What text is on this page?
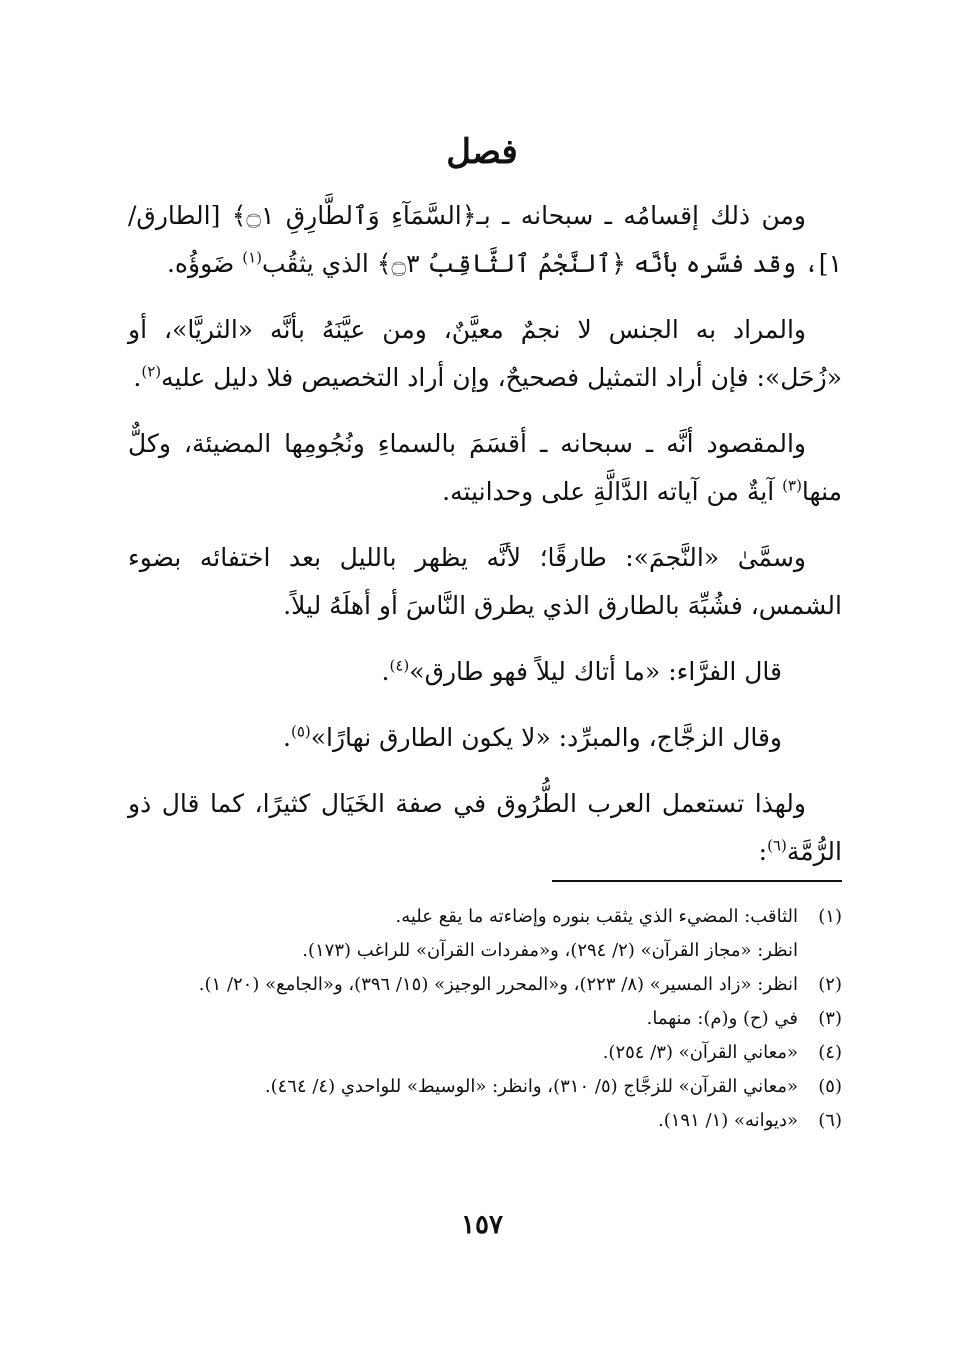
فصل

ومن ذلك إقسامُه ـ سبحانه ـ بـ﴿السَّمَآءِ وَٱلطَّارِقِ ۝١﴾ [الطارق/ ١]، وقد فسَّره بأنَّه ﴿ٱلنَّجْمُ ٱلثَّاقِبُ ۝٣﴾ الذي يثقُب$^{(١)}$ ضَوؤُه.

والمراد به الجنس لا نجمٌ معيَّنٌ، ومن عيَّنَهُ بأنَّه «الثريَّا»، أو «زُحَل»: فإن أراد التمثيل فصحيحٌ، وإن أراد التخصيص فلا دليل عليه$^{(٢)}$.

والمقصود أنَّه ـ سبحانه ـ أقسَمَ بالسماءِ ونُجُومِها المضيئة، وكلٌّ منها$^{(٣)}$ آيةٌ من آياته الدَّالَّةِ على وحدانيته.

وسمَّىٰ «النَّجمَ»: طارقًا؛ لأنَّه يظهر بالليل بعد اختفائه بضوء الشمس، فشُبِّهَ بالطارق الذي يطرق النَّاسَ أو أهلَهُ ليلاً.

قال الفرَّاء: «ما أتاك ليلاً فهو طارق»$^{(٤)}$.

وقال الزجَّاج، والمبرِّد: «لا يكون الطارق نهارًا»$^{(٥)}$.

ولهذا تستعمل العرب الطُّرُوق في صفة الخَيَال كثيرًا، كما قال ذو الرُّمَّة$^{(٦)}$:

(١)
الثاقب: المضيء الذي يثقب بنوره وإضاءته ما يقع عليه.
انظر: «مجاز القرآن» (٢/ ٢٩٤)، و«مفردات القرآن» للراغب (١٧٣).
(٢)
انظر: «زاد المسير» (٨/ ٢٢٣)، و«المحرر الوجيز» (١٥/ ٣٩٦)، و«الجامع» (٢٠/ ١).
(٣)
في (ح) و(م): منهما.
(٤)
«معاني القرآن» (٣/ ٢٥٤).
(٥)
«معاني القرآن» للزجَّاج (٥/ ٣١٠)، وانظر: «الوسيط» للواحدي (٤/ ٤٦٤).
(٦)
«ديوانه» (١/ ١٩١).
١٥٧
